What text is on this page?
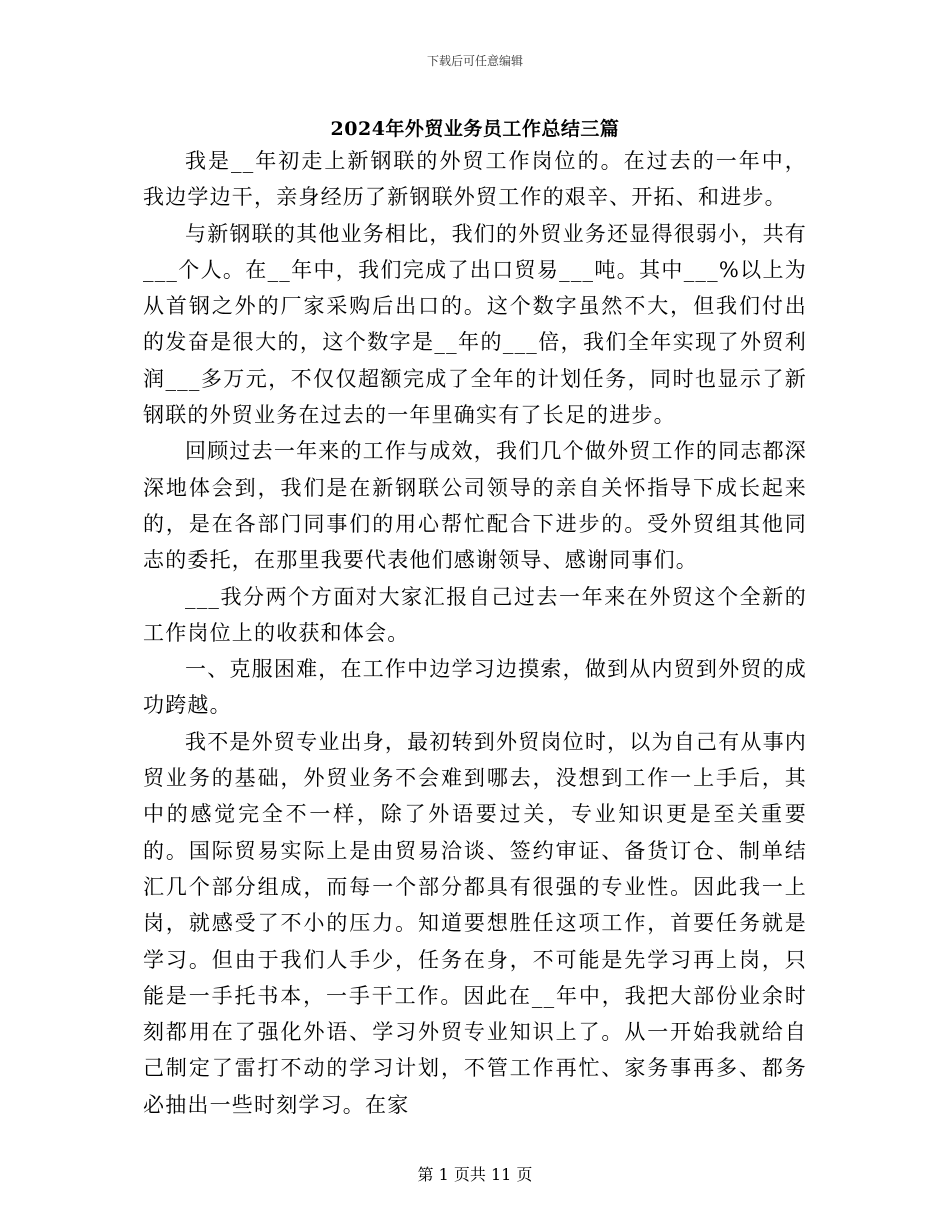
下载后可任意编辑
2024年外贸业务员工作总结三篇

我是__年初走上新钢联的外贸工作岗位的。在过去的一年中，我边学边干，亲身经历了新钢联外贸工作的艰辛、开拓、和进步。

与新钢联的其他业务相比，我们的外贸业务还显得很弱小，共有___个人。在__年中，我们完成了出口贸易___吨。其中___%以上为从首钢之外的厂家采购后出口的。这个数字虽然不大，但我们付出的发奋是很大的，这个数字是__年的___倍，我们全年实现了外贸利润___多万元，不仅仅超额完成了全年的计划任务，同时也显示了新钢联的外贸业务在过去的一年里确实有了长足的进步。

回顾过去一年来的工作与成效，我们几个做外贸工作的同志都深深地体会到，我们是在新钢联公司领导的亲自关怀指导下成长起来的，是在各部门同事们的用心帮忙配合下进步的。受外贸组其他同志的委托，在那里我要代表他们感谢领导、感谢同事们。

___我分两个方面对大家汇报自己过去一年来在外贸这个全新的工作岗位上的收获和体会。

一、克服困难，在工作中边学习边摸索，做到从内贸到外贸的成功跨越。

我不是外贸专业出身，最初转到外贸岗位时，以为自己有从事内贸业务的基础，外贸业务不会难到哪去，没想到工作一上手后，其中的感觉完全不一样，除了外语要过关，专业知识更是至关重要的。国际贸易实际上是由贸易洽谈、签约审证、备货订仓、制单结汇几个部分组成，而每一个部分都具有很强的专业性。因此我一上岗，就感受了不小的压力。知道要想胜任这项工作，首要任务就是学习。但由于我们人手少，任务在身，不可能是先学习再上岗，只能是一手托书本，一手干工作。因此在__年中，我把大部份业余时刻都用在了强化外语、学习外贸专业知识上了。从一开始我就给自己制定了雷打不动的学习计划，不管工作再忙、家务事再多、都务必抽出一些时刻学习。在家

第 1 页共 11 页
